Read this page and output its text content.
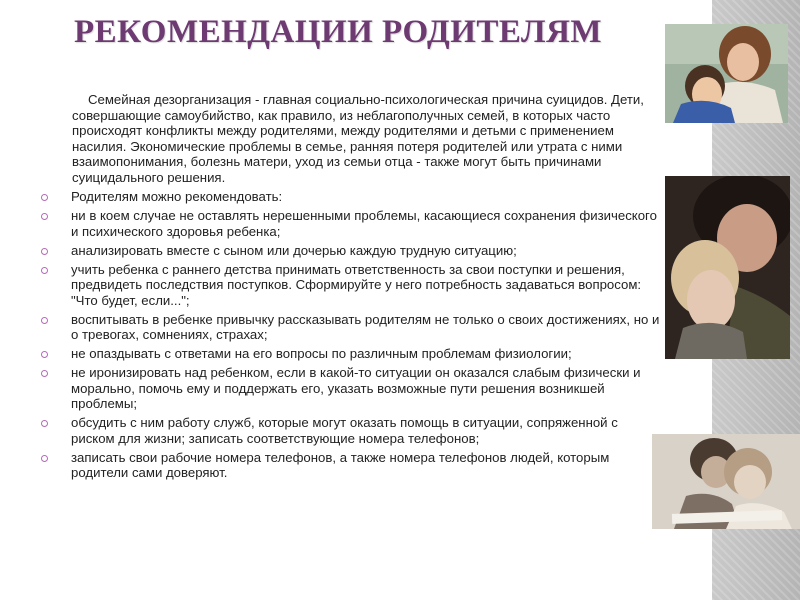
РЕКОМЕНДАЦИИ РОДИТЕЛЯМ

Семейная дезорганизация - главная социально-психологическая причина суицидов. Дети, совершающие самоубийство, как правило, из неблагополучных семей, в которых часто происходят конфликты между родителями, между родителями и детьми с применением насилия. Экономические проблемы в семье, ранняя потеря родителей или утрата с ними взаимопонимания, болезнь матери, уход из семьи отца - также могут быть причинами суицидального решения.

Родителям можно рекомендовать:
ни в коем случае не оставлять нерешенными проблемы, касающиеся сохранения физического и психического здоровья ребенка;
анализировать вместе с сыном или дочерью каждую трудную ситуацию;
учить ребенка с раннего детства принимать ответственность за свои поступки и решения, предвидеть последствия поступков. Сформируйте у него потребность задаваться вопросом: "Что будет, если...";
воспитывать в ребенке привычку рассказывать родителям не только о своих достижениях, но и о тревогах, сомнениях, страхах;
не опаздывать с ответами на его вопросы по различным проблемам физиологии;
не иронизировать над ребенком, если в какой-то ситуации он оказался слабым физически и морально, помочь ему и поддержать его, указать возможные пути решения возникшей проблемы;
обсудить с ним работу служб, которые могут оказать помощь в ситуации, сопряженной с риском для жизни; записать соответствующие номера телефонов;
записать свои рабочие номера телефонов, а также номера телефонов людей, которым родители сами доверяют.
